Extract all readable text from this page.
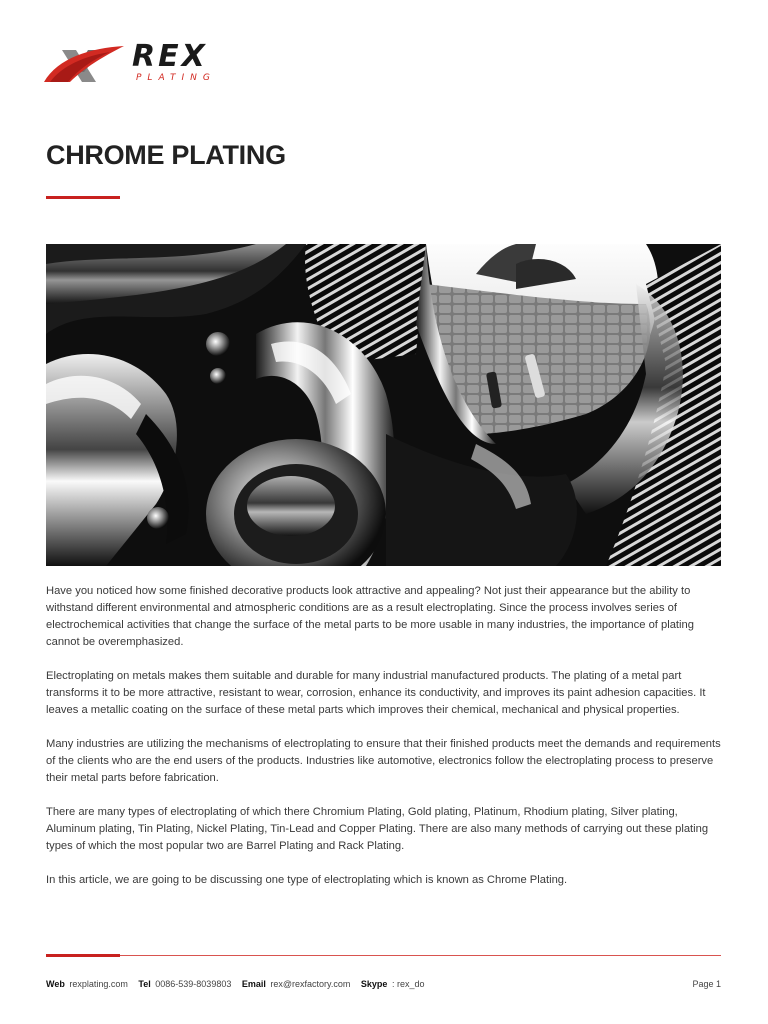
REX
PLATING
CHROME PLATING

Have you noticed how some finished decorative products look attractive and appealing? Not just their appearance but the ability to withstand different environmental and atmospheric conditions are as a result electroplating. Since the process involves series of electrochemical activities that change the surface of the metal parts to be more usable in many industries, the importance of plating cannot be overemphasized.

Electroplating on metals makes them suitable and durable for many industrial manufactured products. The plating of a metal part transforms it to be more attractive, resistant to wear, corrosion, enhance its conductivity, and improves its paint adhesion capacities. It leaves a metallic coating on the surface of these metal parts which improves their chemical, mechanical and physical properties.

Many industries are utilizing the mechanisms of electroplating to ensure that their finished products meet the demands and requirements of the clients who are the end users of the products. Industries like automotive, electronics follow the electroplating process to preserve their metal parts before fabrication.

There are many types of electroplating of which there Chromium Plating, Gold plating, Platinum, Rhodium plating, Silver plating, Aluminum plating, Tin Plating, Nickel Plating, Tin-Lead and Copper Plating. There are also many methods of carrying out these plating types of which the most popular two are Barrel Plating and Rack Plating.

In this article, we are going to be discussing one type of electroplating which is known as Chrome Plating.

Web rexplating.com Tel 0086-539-8039803 Email rex@rexfactory.com Skype : rex_do	Page 1
